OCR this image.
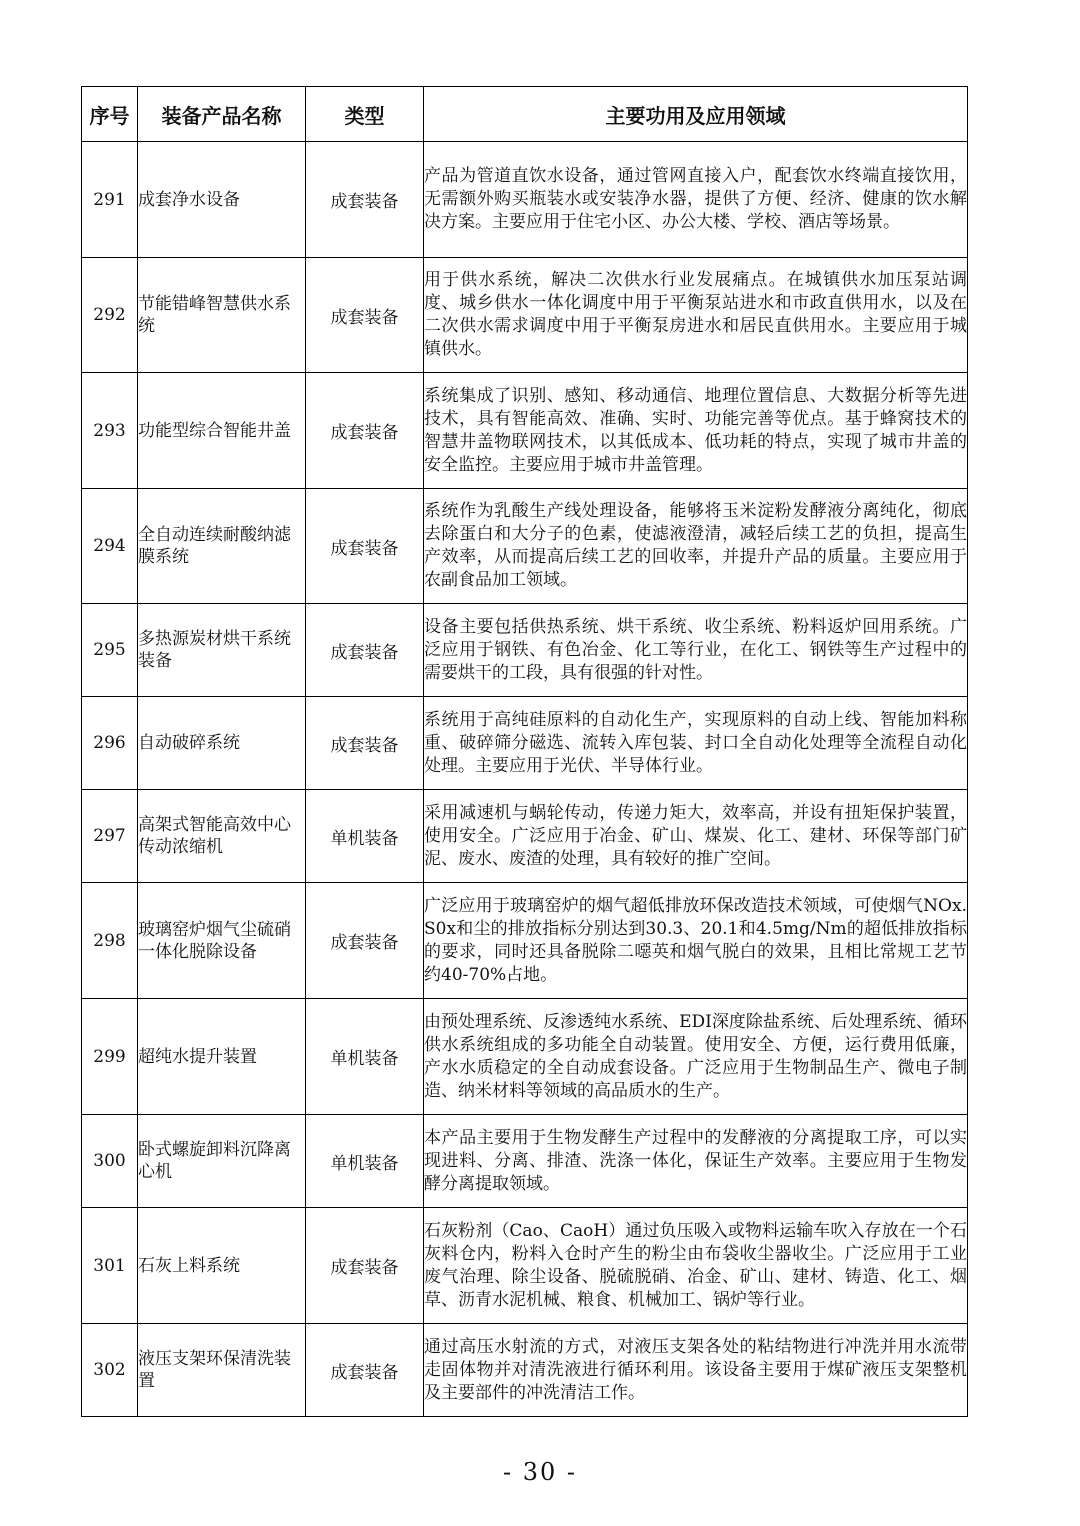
序号	装备产品名称	类型	主要功用及应用领域
291	成套净水设备	成套装备	产品为管道直饮水设备，通过管网直接入户，配套饮水终端直接饮用，无需额外购买瓶装水或安装净水器，提供了方便、经济、健康的饮水解决方案。主要应用于住宅小区、办公大楼、学校、酒店等场景。
292	节能错峰智慧供水系统	成套装备	用于供水系统，解决二次供水行业发展痛点。在城镇供水加压泵站调度、城乡供水一体化调度中用于平衡泵站进水和市政直供用水，以及在二次供水需求调度中用于平衡泵房进水和居民直供用水。主要应用于城镇供水。
293	功能型综合智能井盖	成套装备	系统集成了识别、感知、移动通信、地理位置信息、大数据分析等先进技术，具有智能高效、准确、实时、功能完善等优点。基于蜂窝技术的智慧井盖物联网技术，以其低成本、低功耗的特点，实现了城市井盖的安全监控。主要应用于城市井盖管理。
294	全自动连续耐酸纳滤膜系统	成套装备	系统作为乳酸生产线处理设备，能够将玉米淀粉发酵液分离纯化，彻底去除蛋白和大分子的色素，使滤液澄清，减轻后续工艺的负担，提高生产效率，从而提高后续工艺的回收率，并提升产品的质量。主要应用于农副食品加工领域。
295	多热源炭材烘干系统装备	成套装备	设备主要包括供热系统、烘干系统、收尘系统、粉料返炉回用系统。广泛应用于钢铁、有色冶金、化工等行业，在化工、钢铁等生产过程中的需要烘干的工段，具有很强的针对性。
296	自动破碎系统	成套装备	系统用于高纯硅原料的自动化生产，实现原料的自动上线、智能加料称重、破碎筛分磁选、流转入库包装、封口全自动化处理等全流程自动化处理。主要应用于光伏、半导体行业。
297	高架式智能高效中心传动浓缩机	单机装备	采用减速机与蜗轮传动，传递力矩大，效率高，并设有扭矩保护装置，使用安全。广泛应用于冶金、矿山、煤炭、化工、建材、环保等部门矿泥、废水、废渣的处理，具有较好的推广空间。
298	玻璃窑炉烟气尘硫硝一体化脱除设备	成套装备	广泛应用于玻璃窑炉的烟气超低排放环保改造技术领域，可使烟气NOx. S0x和尘的排放指标分别达到30.3、20.1和4.5mg/Nm的超低排放指标的要求，同时还具备脱除二噁英和烟气脱白的效果，且相比常规工艺节约40-70%占地。
299	超纯水提升装置	单机装备	由预处理系统、反渗透纯水系统、EDI深度除盐系统、后处理系统、循环供水系统组成的多功能全自动装置。使用安全、方便，运行费用低廉，产水水质稳定的全自动成套设备。广泛应用于生物制品生产、微电子制造、纳米材料等领域的高品质水的生产。
300	卧式螺旋卸料沉降离心机	单机装备	本产品主要用于生物发酵生产过程中的发酵液的分离提取工序，可以实现进料、分离、排渣、洗涤一体化，保证生产效率。主要应用于生物发酵分离提取领域。
301	石灰上料系统	成套装备	石灰粉剂（Cao、CaoH）通过负压吸入或物料运输车吹入存放在一个石灰料仓内，粉料入仓时产生的粉尘由布袋收尘器收尘。广泛应用于工业废气治理、除尘设备、脱硫脱硝、冶金、矿山、建材、铸造、化工、烟草、沥青水泥机械、粮食、机械加工、锅炉等行业。
302	液压支架环保清洗装置	成套装备	通过高压水射流的方式，对液压支架各处的粘结物进行冲洗并用水流带走固体物并对清洗液进行循环利用。该设备主要用于煤矿液压支架整机及主要部件的冲洗清洁工作。
- 30 -
